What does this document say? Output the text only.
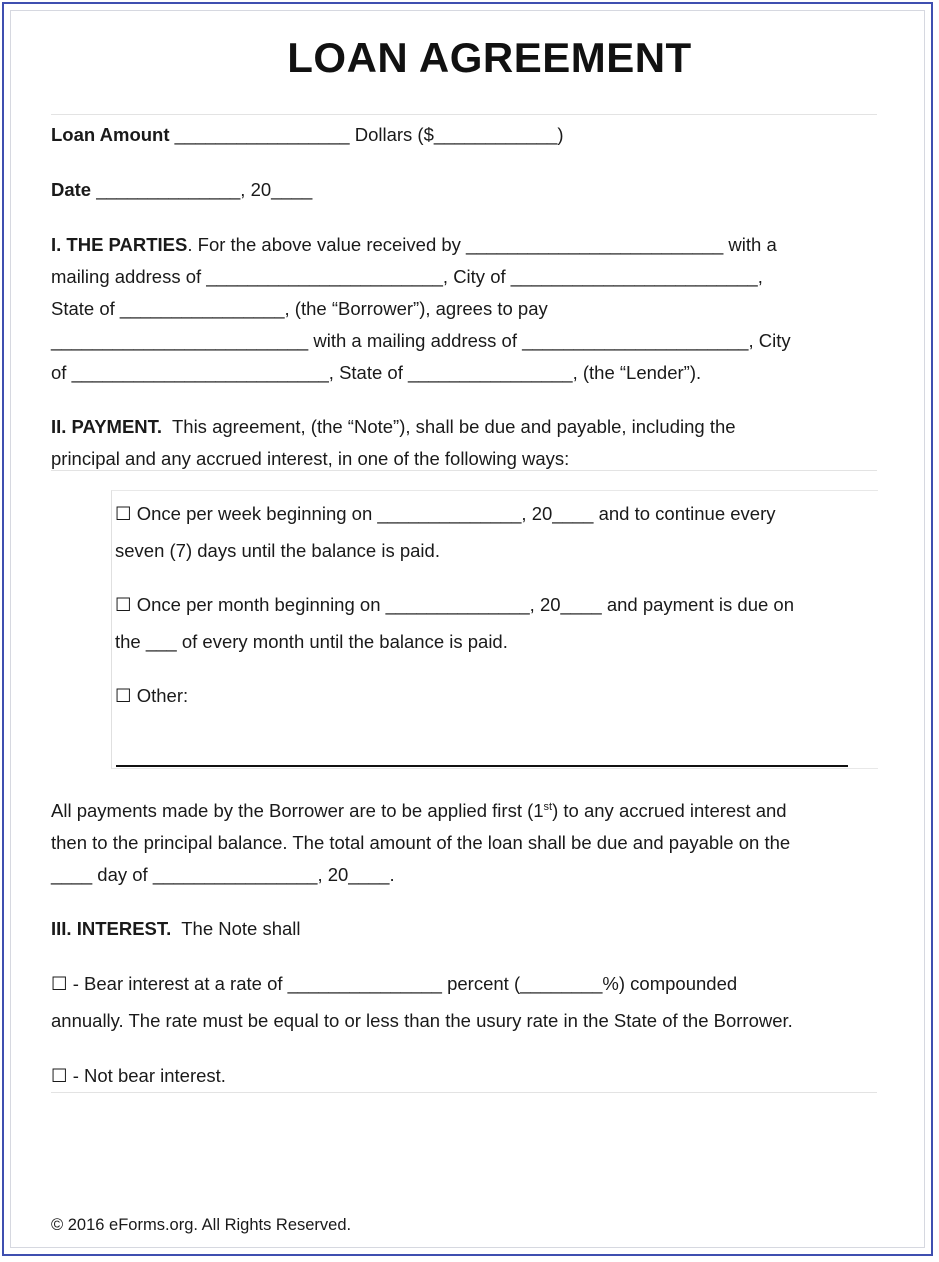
LOAN AGREEMENT
Loan Amount _________________ Dollars ($____________)
Date ______________, 20____
I. THE PARTIES. For the above value received by _________________________ with a
mailing address of _______________________, City of ________________________,
State of ________________, (the “Borrower”), agrees to pay
_________________________ with a mailing address of ______________________, City
of _________________________, State of ________________, (the “Lender”).
II. PAYMENT.  This agreement, (the “Note”), shall be due and payable, including the
principal and any accrued interest, in one of the following ways:
☐ Once per week beginning on ______________, 20____ and to continue every
seven (7) days until the balance is paid.
☐ Once per month beginning on ______________, 20____ and payment is due on
the ___ of every month until the balance is paid.
☐ Other:
All payments made by the Borrower are to be applied first (1st) to any accrued interest and
then to the principal balance. The total amount of the loan shall be due and payable on the
____ day of ________________, 20____.
III. INTEREST.  The Note shall
☐ - Bear interest at a rate of _______________ percent (________%) compounded
annually. The rate must be equal to or less than the usury rate in the State of the Borrower.
☐ - Not bear interest.
© 2016 eForms.org. All Rights Reserved.
